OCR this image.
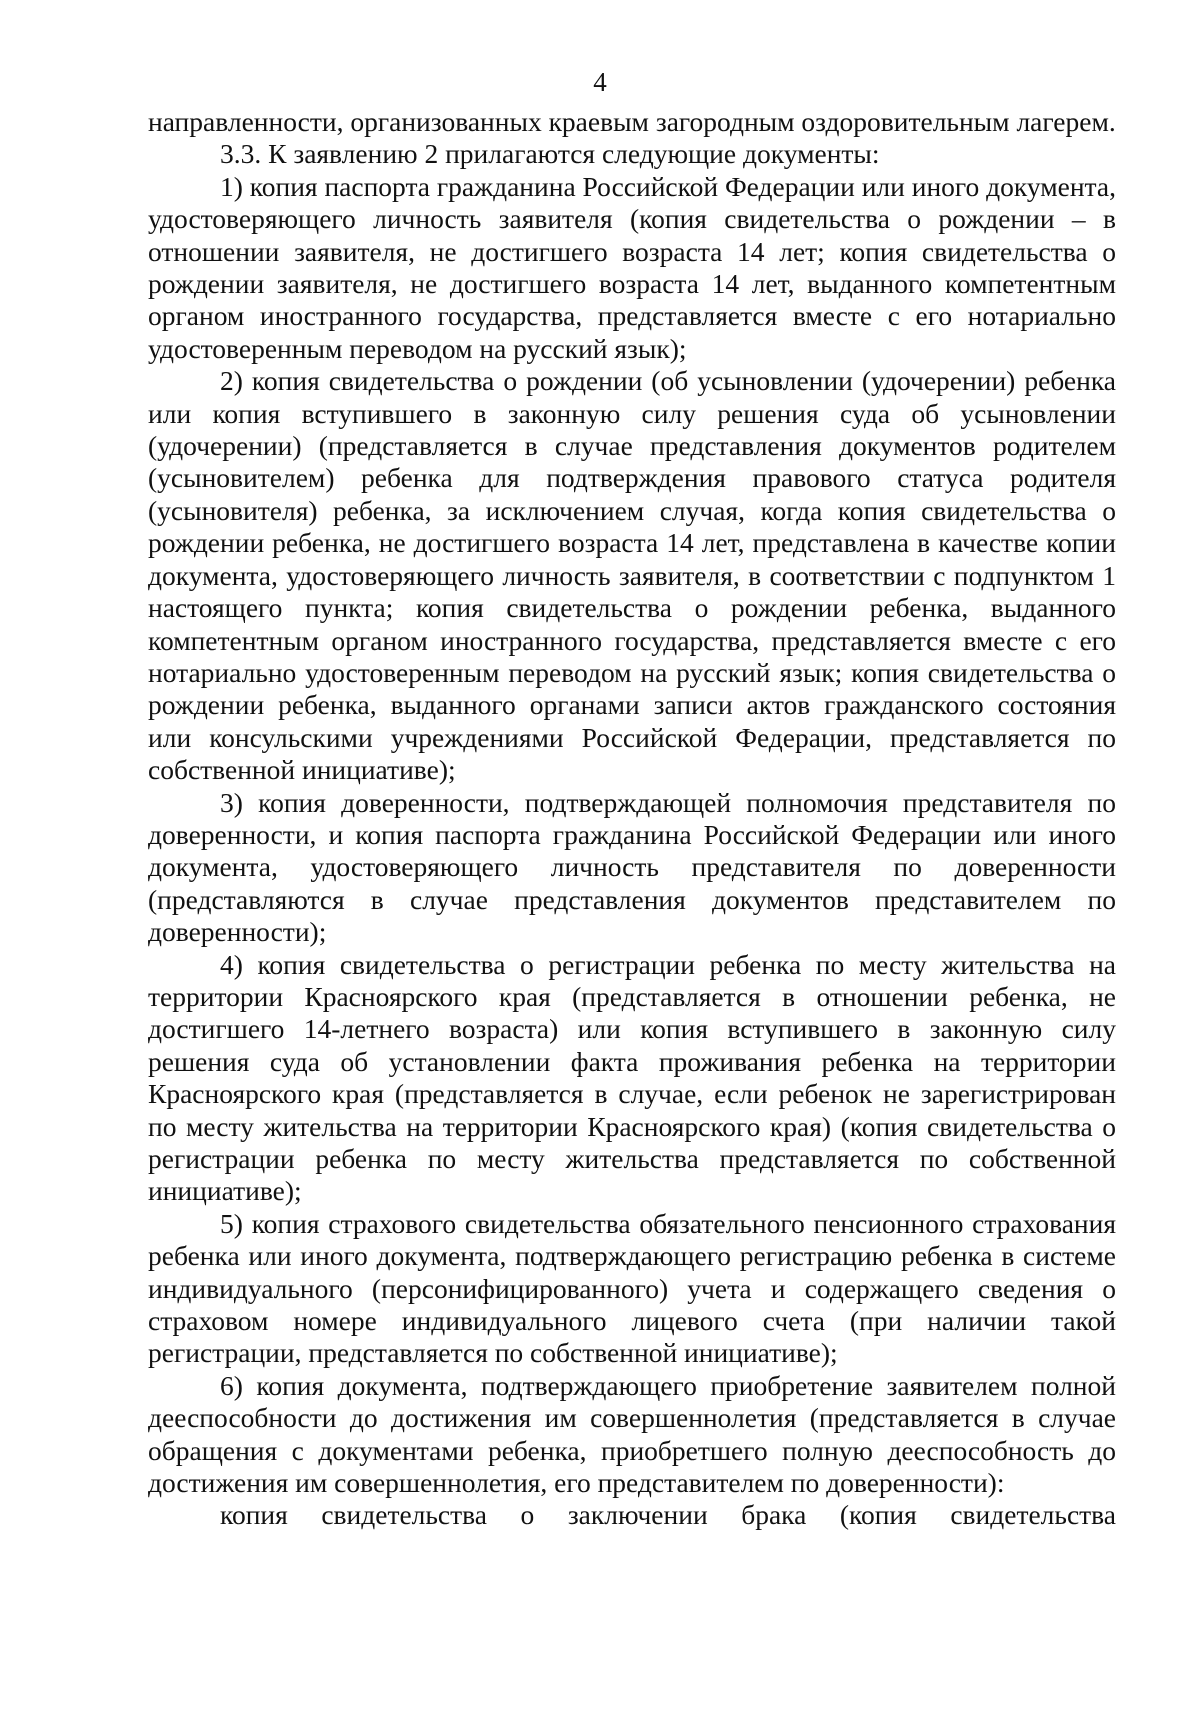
4

направленности, организованных краевым загородным оздоровительным лагерем.

3.3. К заявлению 2 прилагаются следующие документы:

1) копия паспорта гражданина Российской Федерации или иного документа, удостоверяющего личность заявителя (копия свидетельства о рождении – в отношении заявителя, не достигшего возраста 14 лет; копия свидетельства о рождении заявителя, не достигшего возраста 14 лет, выданного компетентным органом иностранного государства, представляется вместе с его нотариально удостоверенным переводом на русский язык);

2) копия свидетельства о рождении (об усыновлении (удочерении) ребенка или копия вступившего в законную силу решения суда об усыновлении (удочерении) (представляется в случае представления документов родителем (усыновителем) ребенка для подтверждения правового статуса родителя (усыновителя) ребенка, за исключением случая, когда копия свидетельства о рождении ребенка, не достигшего возраста 14 лет, представлена в качестве копии документа, удостоверяющего личность заявителя, в соответствии с подпунктом 1 настоящего пункта; копия свидетельства о рождении ребенка, выданного компетентным органом иностранного государства, представляется вместе с его нотариально удостоверенным переводом на русский язык; копия свидетельства о рождении ребенка, выданного органами записи актов гражданского состояния или консульскими учреждениями Российской Федерации, представляется по собственной инициативе);

3) копия доверенности, подтверждающей полномочия представителя по доверенности, и копия паспорта гражданина Российской Федерации или иного документа, удостоверяющего личность представителя по доверенности (представляются в случае представления документов представителем по доверенности);

4) копия свидетельства о регистрации ребенка по месту жительства на территории Красноярского края (представляется в отношении ребенка, не достигшего 14-летнего возраста) или копия вступившего в законную силу решения суда об установлении факта проживания ребенка на территории Красноярского края (представляется в случае, если ребенок не зарегистрирован по месту жительства на территории Красноярского края) (копия свидетельства о регистрации ребенка по месту жительства представляется по собственной инициативе);

5) копия страхового свидетельства обязательного пенсионного страхования ребенка или иного документа, подтверждающего регистрацию ребенка в системе индивидуального (персонифицированного) учета и содержащего сведения о страховом номере индивидуального лицевого счета (при наличии такой регистрации, представляется по собственной инициативе);

6) копия документа, подтверждающего приобретение заявителем полной дееспособности до достижения им совершеннолетия (представляется в случае обращения с документами ребенка, приобретшего полную дееспособность до достижения им совершеннолетия, его представителем по доверенности):

копия свидетельства о заключении брака (копия свидетельства
